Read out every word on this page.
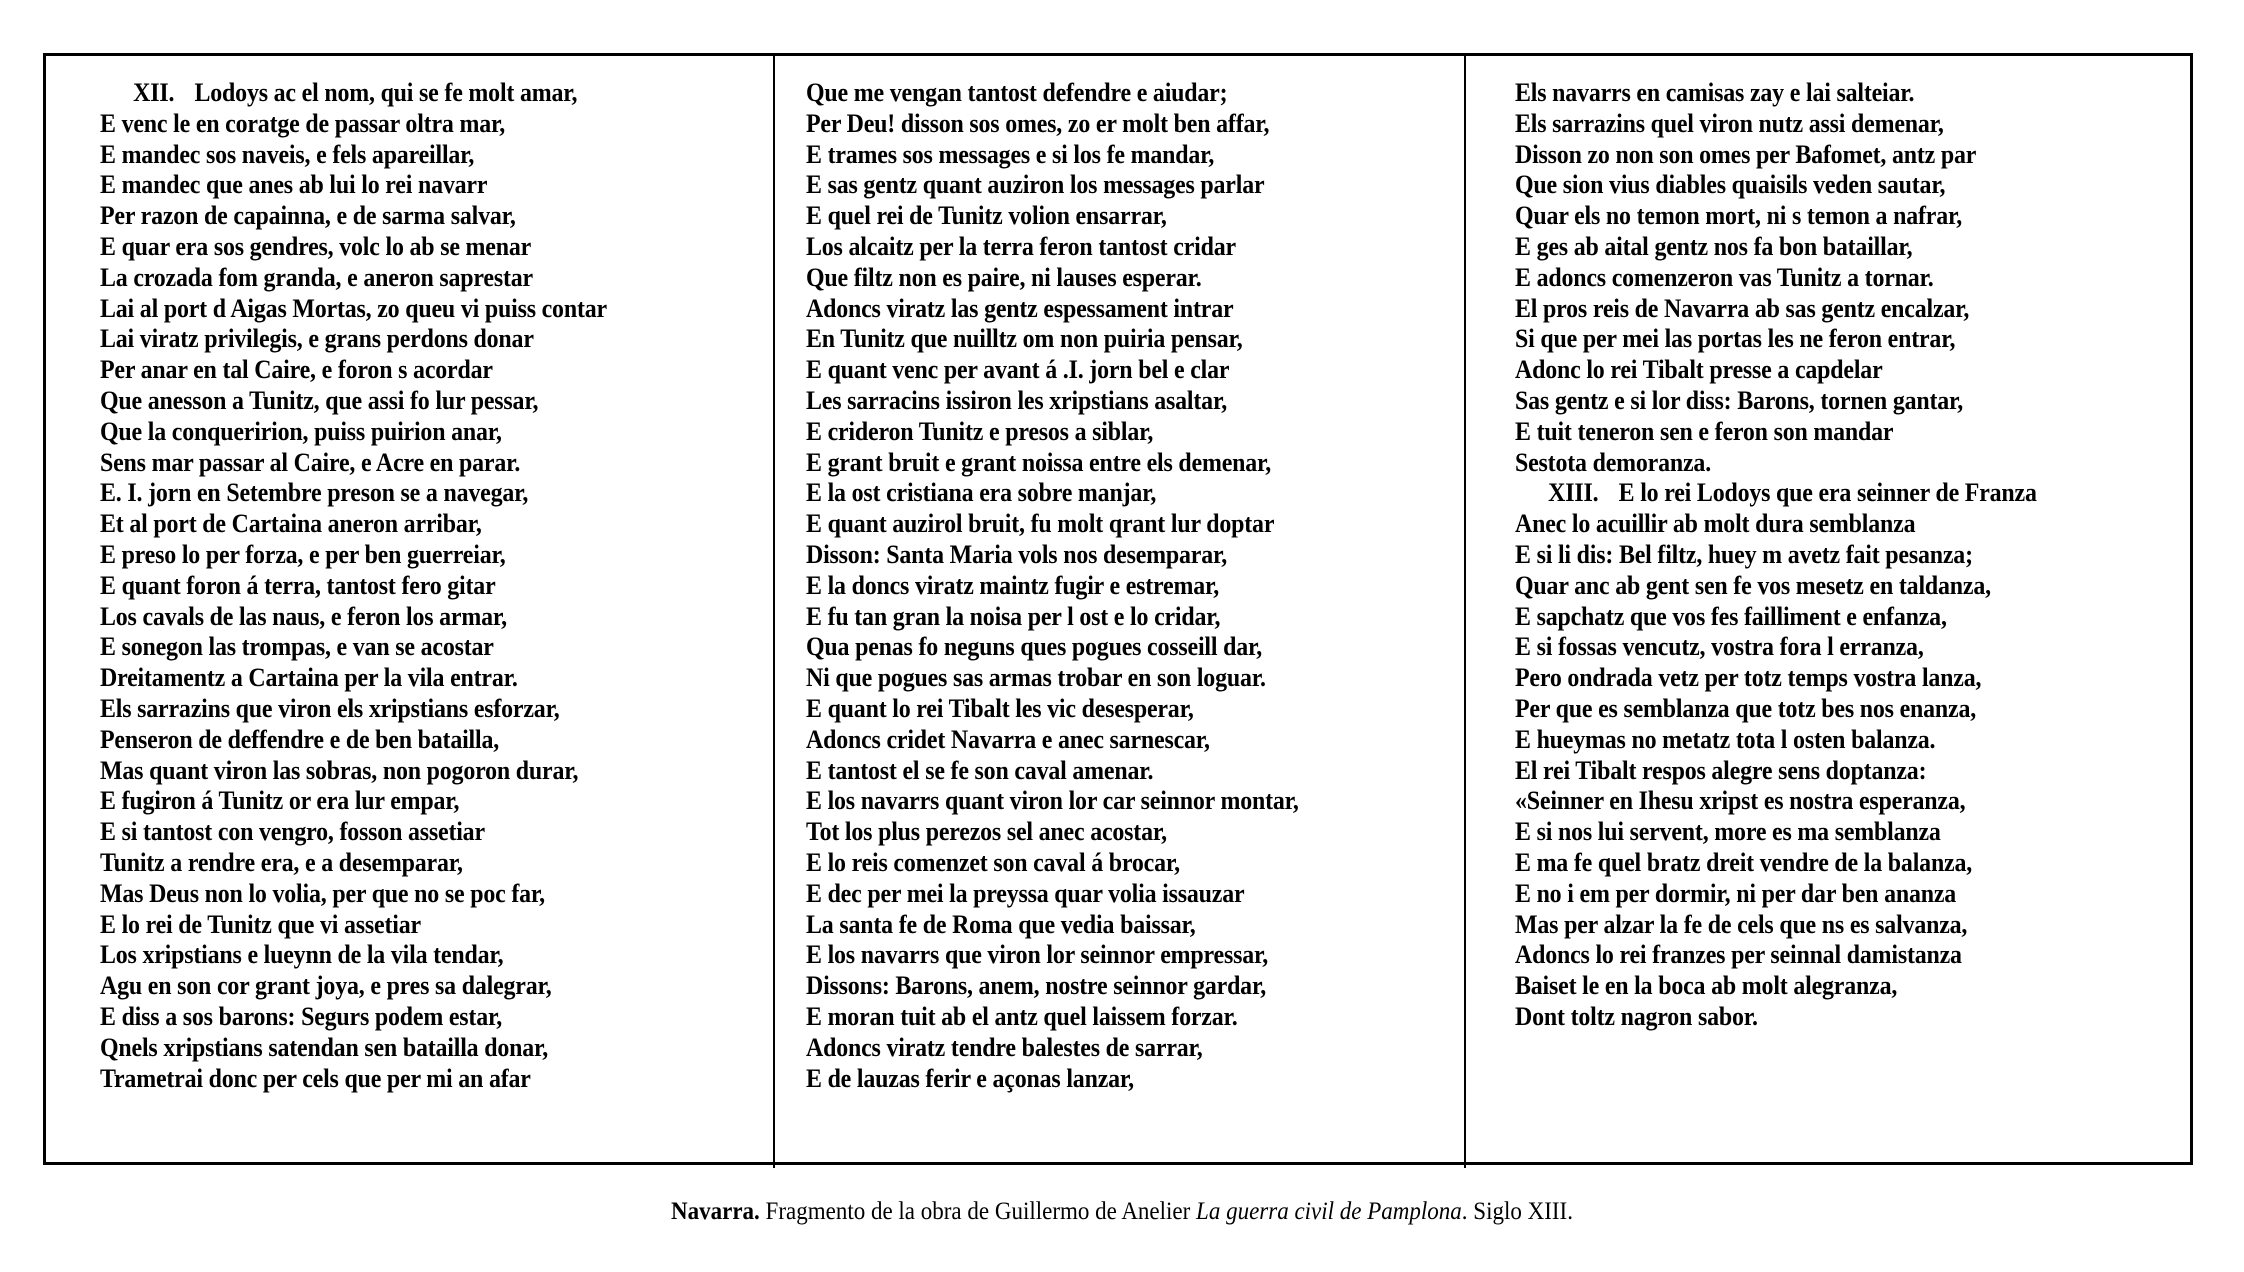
XII. Lodoys ac el nom, qui se fe molt amar,
E venc le en coratge de passar oltra mar,
E mandec sos naveis, e fels apareillar,
E mandec que anes ab lui lo rei navarr
Per razon de capainna, e de sarma salvar,
E quar era sos gendres, volc lo ab se menar
La crozada fom granda, e aneron saprestar
Lai al port d Aigas Mortas, zo queu vi puiss contar
Lai viratz privilegis, e grans perdons donar
Per anar en tal Caire, e foron s acordar
Que anesson a Tunitz, que assi fo lur pessar,
Que la conqueririon, puiss puirion anar,
Sens mar passar al Caire, e Acre en parar.
E. I. jorn en Setembre preson se a navegar,
Et al port de Cartaina aneron arribar,
E preso lo per forza, e per ben guerreiar,
E quant foron á terra, tantost fero gitar
Los cavals de las naus, e feron los armar,
E sonegon las trompas, e van se acostar
Dreitamentz a Cartaina per la vila entrar.
Els sarrazins que viron els xripstians esforzar,
Penseron de deffendre e de ben batailla,
Mas quant viron las sobras, non pogoron durar,
E fugiron á Tunitz or era lur empar,
E si tantost con vengro, fosson assetiar
Tunitz a rendre era, e a desemparar,
Mas Deus non lo volia, per que no se poc far,
E lo rei de Tunitz que vi assetiar
Los xripstians e lueynn de la vila tendar,
Agu en son cor grant joya, e pres sa dalegrar,
E diss a sos barons: Segurs podem estar,
Qnels xripstians satendan sen batailla donar,
Trametrai donc per cels que per mi an afar
Que me vengan tantost defendre e aiudar;
Per Deu! disson sos omes, zo er molt ben affar,
E trames sos messages e si los fe mandar,
E sas gentz quant auziron los messages parlar
E quel rei de Tunitz volion ensarrar,
Los alcaitz per la terra feron tantost cridar
Que filtz non es paire, ni lauses esperar.
Adoncs viratz las gentz espessament intrar
En Tunitz que nuilltz om non puiria pensar,
E quant venc per avant á .I. jorn bel e clar
Les sarracins issiron les xripstians asaltar,
E crideron Tunitz e presos a siblar,
E grant bruit e grant noissa entre els demenar,
E la ost cristiana era sobre manjar,
E quant auzirol bruit, fu molt qrant lur doptar
Disson: Santa Maria vols nos desemparar,
E la doncs viratz maintz fugir e estremar,
E fu tan gran la noisa per l ost e lo cridar,
Qua penas fo neguns ques pogues cosseill dar,
Ni que pogues sas armas trobar en son loguar.
E quant lo rei Tibalt les vic desesperar,
Adoncs cridet Navarra e anec sarnescar,
E tantost el se fe son caval amenar.
E los navarrs quant viron lor car seinnor montar,
Tot los plus perezos sel anec acostar,
E lo reis comenzet son caval á brocar,
E dec per mei la preyssa quar volia issauzar
La santa fe de Roma que vedia baissar,
E los navarrs que viron lor seinnor empressar,
Dissons: Barons, anem, nostre seinnor gardar,
E moran tuit ab el antz quel laissem forzar.
Adoncs viratz tendre balestes de sarrar,
E de lauzas ferir e açonas lanzar,
Els navarrs en camisas zay e lai salteiar.
Els sarrazins quel viron nutz assi demenar,
Disson zo non son omes per Bafomet, antz par
Que sion vius diables quaisils veden sautar,
Quar els no temon mort, ni s temon a nafrar,
E ges ab aital gentz nos fa bon bataillar,
E adoncs comenzeron vas Tunitz a tornar.
El pros reis de Navarra ab sas gentz encalzar,
Si que per mei las portas les ne feron entrar,
Adonc lo rei Tibalt presse a capdelar
Sas gentz e si lor diss: Barons, tornen gantar,
E tuit teneron sen e feron son mandar
Sestota demoranza.
XIII. E lo rei Lodoys que era seinner de Franza
Anec lo acuillir ab molt dura semblanza
E si li dis: Bel filtz, huey m avetz fait pesanza;
Quar anc ab gent sen fe vos mesetz en taldanza,
E sapchatz que vos fes failliment e enfanza,
E si fossas vencutz, vostra fora l erranza,
Pero ondrada vetz per totz temps vostra lanza,
Per que es semblanza que totz bes nos enanza,
E hueymas no metatz tota l osten balanza.
El rei Tibalt respos alegre sens doptanza:
«Seinner en Ihesu xripst es nostra esperanza,
E si nos lui servent, more es ma semblanza
E ma fe quel bratz dreit vendre de la balanza,
E no i em per dormir, ni per dar ben ananza
Mas per alzar la fe de cels que ns es salvanza,
Adoncs lo rei franzes per seinnal damistanza
Baiset le en la boca ab molt alegranza,
Dont toltz nagron sabor.
Navarra. Fragmento de la obra de Guillermo de Anelier La guerra civil de Pamplona. Siglo XIII.
